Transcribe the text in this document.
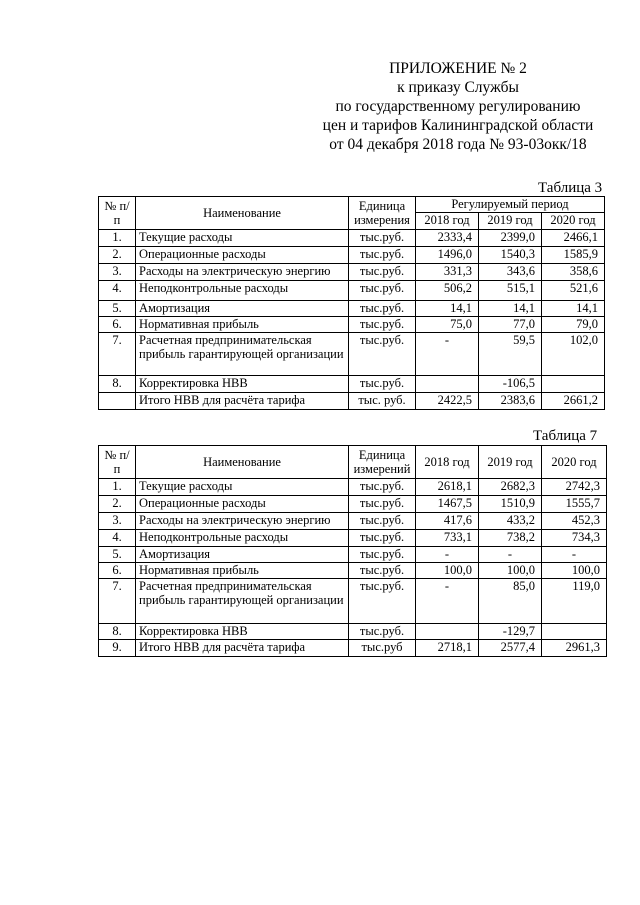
ПРИЛОЖЕНИЕ № 2
к приказу Службы
по государственному регулированию
цен и тарифов Калининградской области
от 04 декабря 2018 года № 93-03окк/18
Таблица 3
№ п/п	Наименование	Единица измерения	Регулируемый период		
			2018 год	2019 год	2020 год
1.	Текущие расходы	тыс.руб.	2333,4	2399,0	2466,1
2.	Операционные расходы	тыс.руб.	1496,0	1540,3	1585,9
3.	Расходы на электрическую энергию	тыс.руб.	331,3	343,6	358,6
4.	Неподконтрольные расходы	тыс.руб.	506,2	515,1	521,6
5.	Амортизация	тыс.руб.	14,1	14,1	14,1
6.	Нормативная прибыль	тыс.руб.	75,0	77,0	79,0
7.	Расчетная предпринимательская прибыль гарантирующей организации	тыс.руб.	-	59,5	102,0
8.	Корректировка НВВ	тыс.руб.		-106,5	
	Итого НВВ для расчёта тарифа	тыс. руб.	2422,5	2383,6	2661,2
Таблица 7
№ п/п	Наименование	Единица измерений	2018 год	2019 год	2020 год
1.	Текущие расходы	тыс.руб.	2618,1	2682,3	2742,3
2.	Операционные расходы	тыс.руб.	1467,5	1510,9	1555,7
3.	Расходы на электрическую энергию	тыс.руб.	417,6	433,2	452,3
4.	Неподконтрольные расходы	тыс.руб.	733,1	738,2	734,3
5.	Амортизация	тыс.руб.	-	-	-
6.	Нормативная прибыль	тыс.руб.	100,0	100,0	100,0
7.	Расчетная предпринимательская прибыль гарантирующей организации	тыс.руб.	-	85,0	119,0
8.	Корректировка НВВ	тыс.руб.		-129,7	
9.	Итого НВВ для расчёта тарифа	тыс.руб	2718,1	2577,4	2961,3
